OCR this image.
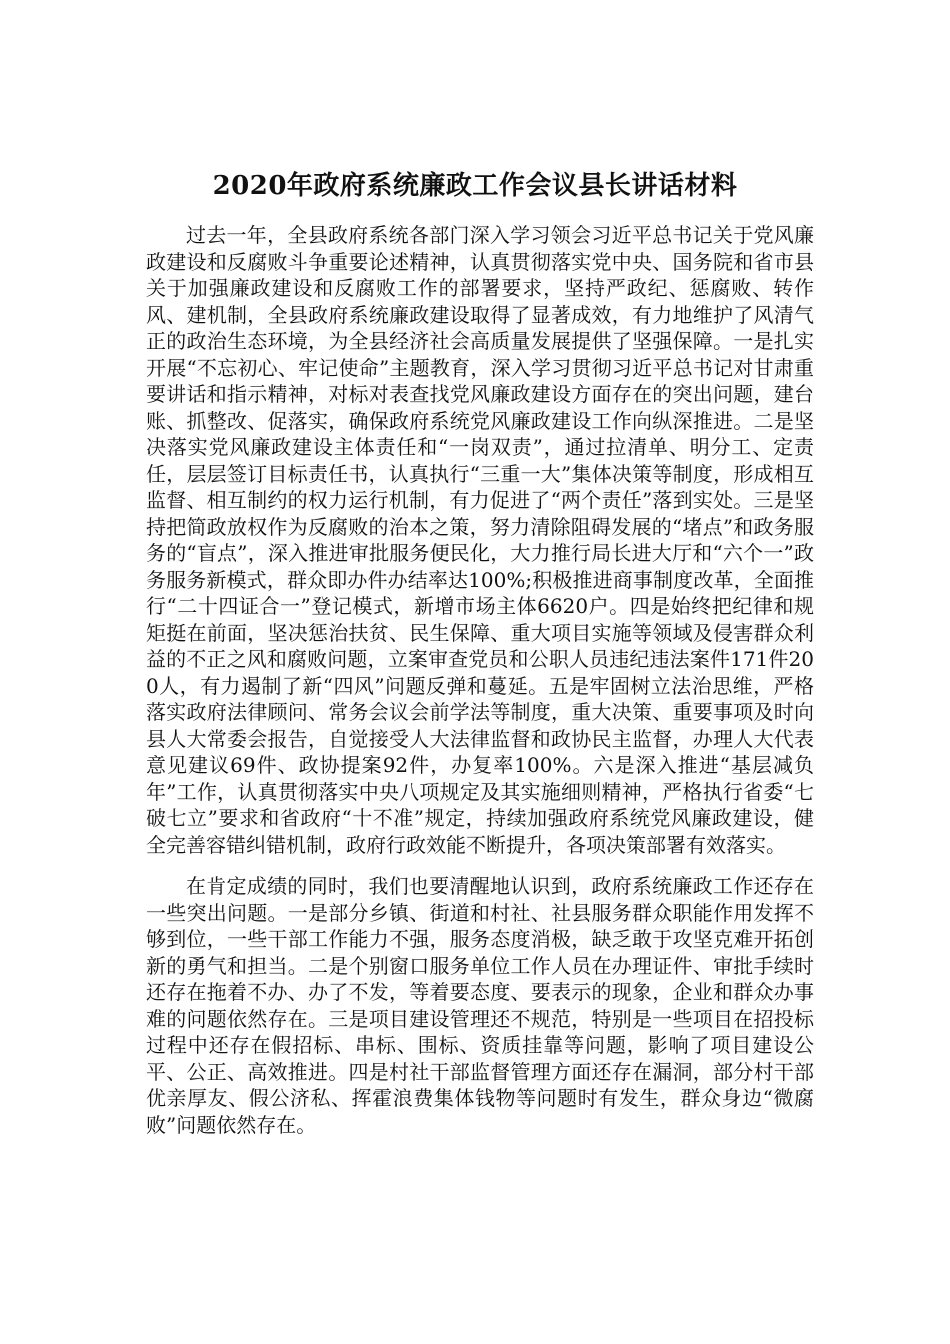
2020年政府系统廉政工作会议县长讲话材料

过去一年，全县政府系统各部门深入学习领会习近平总书记关于党风廉政建设和反腐败斗争重要论述精神，认真贯彻落实党中央、国务院和省市县关于加强廉政建设和反腐败工作的部署要求，坚持严政纪、惩腐败、转作风、建机制，全县政府系统廉政建设取得了显著成效，有力地维护了风清气正的政治生态环境，为全县经济社会高质量发展提供了坚强保障。一是扎实开展“不忘初心、牢记使命”主题教育，深入学习贯彻习近平总书记对甘肃重要讲话和指示精神，对标对表查找党风廉政建设方面存在的突出问题，建台账、抓整改、促落实，确保政府系统党风廉政建设工作向纵深推进。二是坚决落实党风廉政建设主体责任和“一岗双责”，通过拉清单、明分工、定责任，层层签订目标责任书，认真执行“三重一大”集体决策等制度，形成相互监督、相互制约的权力运行机制，有力促进了“两个责任”落到实处。三是坚持把简政放权作为反腐败的治本之策，努力清除阻碍发展的“堵点”和政务服务的“盲点”，深入推进审批服务便民化，大力推行局长进大厅和“六个一”政务服务新模式，群众即办件办结率达100%;积极推进商事制度改革，全面推行“二十四证合一”登记模式，新增市场主体6620户。四是始终把纪律和规矩挺在前面，坚决惩治扶贫、民生保障、重大项目实施等领域及侵害群众利益的不正之风和腐败问题，立案审查党员和公职人员违纪违法案件171件200人，有力遏制了新“四风”问题反弹和蔓延。五是牢固树立法治思维，严格落实政府法律顾问、常务会议会前学法等制度，重大决策、重要事项及时向县人大常委会报告，自觉接受人大法律监督和政协民主监督，办理人大代表意见建议69件、政协提案92件，办复率100%。六是深入推进“基层减负年”工作，认真贯彻落实中央八项规定及其实施细则精神，严格执行省委“七破七立”要求和省政府“十不准”规定，持续加强政府系统党风廉政建设，健全完善容错纠错机制，政府行政效能不断提升，各项决策部署有效落实。

在肯定成绩的同时，我们也要清醒地认识到，政府系统廉政工作还存在一些突出问题。一是部分乡镇、街道和村社、社县服务群众职能作用发挥不够到位，一些干部工作能力不强，服务态度消极，缺乏敢于攻坚克难开拓创新的勇气和担当。二是个别窗口服务单位工作人员在办理证件、审批手续时还存在拖着不办、办了不发，等着要态度、要表示的现象，企业和群众办事难的问题依然存在。三是项目建设管理还不规范，特别是一些项目在招投标过程中还存在假招标、串标、围标、资质挂靠等问题，影响了项目建设公平、公正、高效推进。四是村社干部监督管理方面还存在漏洞，部分村干部优亲厚友、假公济私、挥霍浪费集体钱物等问题时有发生，群众身边“微腐败”问题依然存在。
